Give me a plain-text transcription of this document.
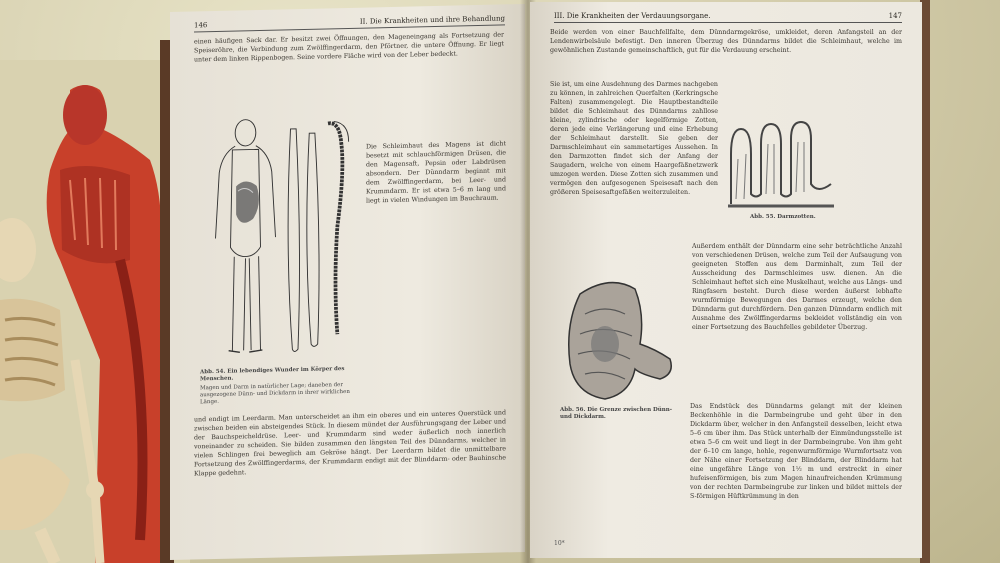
146	II. Die Krankheiten und ihre Behandlung
einen häufigen Sack dar. Er besitzt zwei Öffnungen, den Mageneingang als Fortsetzung der Speiseröhre, die Verbindung zum Zwölffingerdarm, den Pförtner, die untere Öffnung. Er liegt unter dem linken Rippenbogen. Seine vordere Fläche wird von der Leber bedeckt.
Die Schleimhaut des Magens ist dicht besetzt mit schlauchförmigen Drüsen, die den Magensaft, Pepsin oder Labdrüsen absondern. Der Dünndarm beginnt mit dem Zwölffingerdarm, bei Leer- und Krummdarm. Er ist etwa 5–6 m lang und liegt in vielen Windungen im Bauchraum.
Abb. 54. Ein lebendiges Wunder im Körper des Menschen.
Magen und Darm in natürlicher Lage; daneben der ausgezogene Dünn- und Dickdarm in ihrer wirklichen Länge.
und endigt im Leerdarm. Man unterscheidet an ihm ein oberes und ein unteres Querstück und zwischen beiden ein absteigendes Stück. In diesem mündet der Ausführungsgang der Leber und der Bauchspeicheldrüse. Leer- und Krummdarm sind weder äußerlich noch innerlich voneinander zu scheiden. Sie bilden zusammen den längsten Teil des Dünndarms, welcher in vielen Schlingen frei beweglich am Gekröse hängt. Der Leerdarm bildet die unmittelbare Fortsetzung des Zwölffingerdarms, der Krummdarm endigt mit der Blinddarm- oder Bauhinsche Klappe gedehnt.
III. Die Krankheiten der Verdauungsorgane.	147
Beide werden von einer Bauchfellfalte, dem Dünndarmgekröse, umkleidet, deren Anfangsteil an der Lendenwirbelsäule befestigt. Den inneren Überzug des Dünndarms bildet die Schleimhaut, welche im gewöhnlichen Zustande gemeinschaftlich, gut für die Verdauung erscheint.
Sie ist, um eine Ausdehnung des Darmes nachgeben zu können, in zahlreichen Querfalten (Kerkringsche Falten) zusammengelegt. Die Hauptbestandteile bildet die Schleimhaut des Dünndarms zahllose kleine, zylindrische oder kegelförmige Zotten, deren jede eine Verlängerung und eine Erhebung der Schleimhaut darstellt. Sie geben der Darmschleimhaut ein sammetartiges Aussehen. In den Darmzotten findet sich der Anfang der Saugadern, welche von einem Haargefäßnetzwerk umzogen werden. Diese Zotten sich zusammen und vermögen den aufgesogenen Speisesaft nach den größeren Speisesaftgefäßen weiterzuleiten.
Abb. 55. Darmzotten.
Außerdem enthält der Dünndarm eine sehr beträchtliche Anzahl von verschiedenen Drüsen, welche zum Teil der Aufsaugung von geeigneten Stoffen aus dem Darminhalt, zum Teil der Ausscheidung des Darmschleimes usw. dienen. An die Schleimhaut heftet sich eine Muskelhaut, welche aus Längs- und Ringfasern besteht. Durch diese werden äußerst lebhafte wurmförmige Bewegungen des Darmes erzeugt, welche den Dünndarm gut durchfördern. Den ganzen Dünndarm endlich mit Ausnahme des Zwölffingerdarms bekleidet vollständig ein von einer Fortsetzung des Bauchfelles gebildeter Überzug.
Abb. 56. Die Grenze zwischen Dünn- und Dickdarm.
Das Endstück des Dünndarms gelangt mit der kleinen Beckenhöhle in die Darmbeingrube und geht über in den Dickdarm über, welcher in den Anfangsteil desselben, leicht etwa 5–6 cm über ihm. Das Stück unterhalb der Einmündungsstelle ist etwa 5–6 cm weit und liegt in der Darmbeingrube. Von ihm geht der 6–10 cm lange, hohle, regenwurmförmige Wurmfortsatz von der Nähe einer Fortsetzung der Blinddarm, der Blinddarm hat eine ungefähre Länge von 1½ m und erstreckt in einer hufeisenförmigen, bis zum Magen hinaufreichenden Krümmung von der rechten Darmbeingrube zur linken und bildet mittels der S-förmigen Hüftkrümmung in den
10*
